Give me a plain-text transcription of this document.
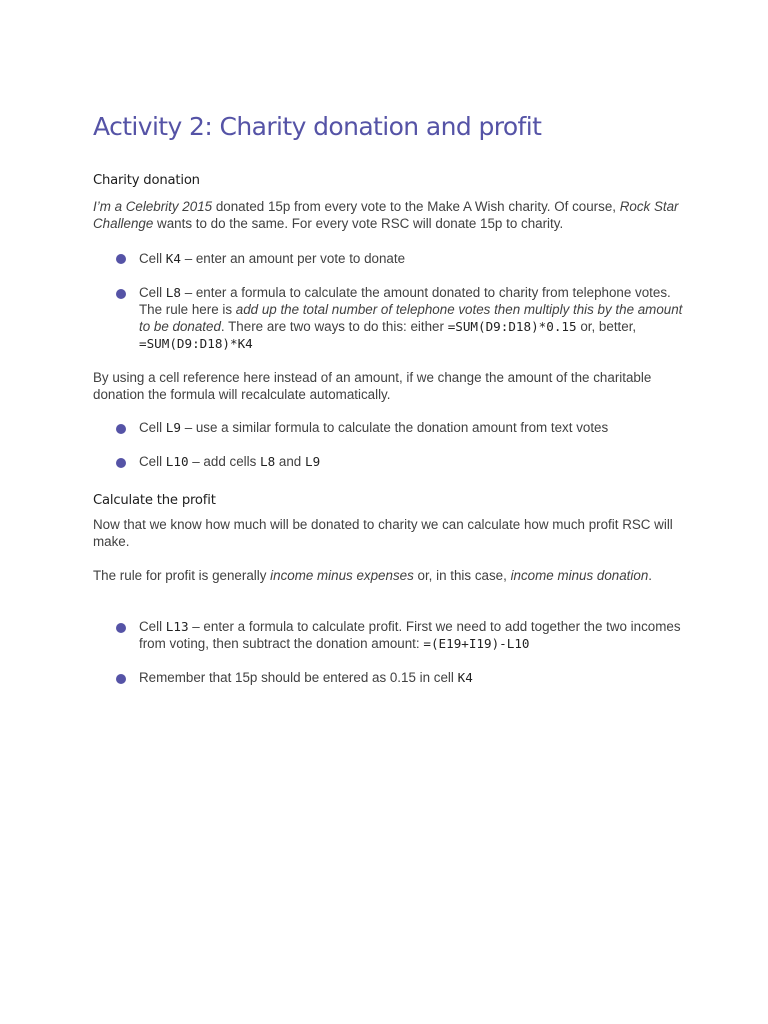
Activity 2: Charity donation and profit
Charity donation

I’m a Celebrity 2015 donated 15p from every vote to the Make A Wish charity. Of course, Rock Star Challenge wants to do the same. For every vote RSC will donate 15p to charity.

Cell K4 – enter an amount per vote to donate

Cell L8 – enter a formula to calculate the amount donated to charity from telephone votes. The rule here is add up the total number of telephone votes then multiply this by the amount to be donated. There are two ways to do this: either =SUM(D9:D18)*0.15 or, better, =SUM(D9:D18)*K4

By using a cell reference here instead of an amount, if we change the amount of the charitable donation the formula will recalculate automatically.

Cell L9 – use a similar formula to calculate the donation amount from text votes

Cell L10 – add cells L8 and L9

Calculate the profit

Now that we know how much will be donated to charity we can calculate how much profit RSC will make.

The rule for profit is generally income minus expenses or, in this case, income minus donation.

Cell L13 – enter a formula to calculate profit. First we need to add together the two incomes from voting, then subtract the donation amount: =(E19+I19)-L10

Remember that 15p should be entered as 0.15 in cell K4
